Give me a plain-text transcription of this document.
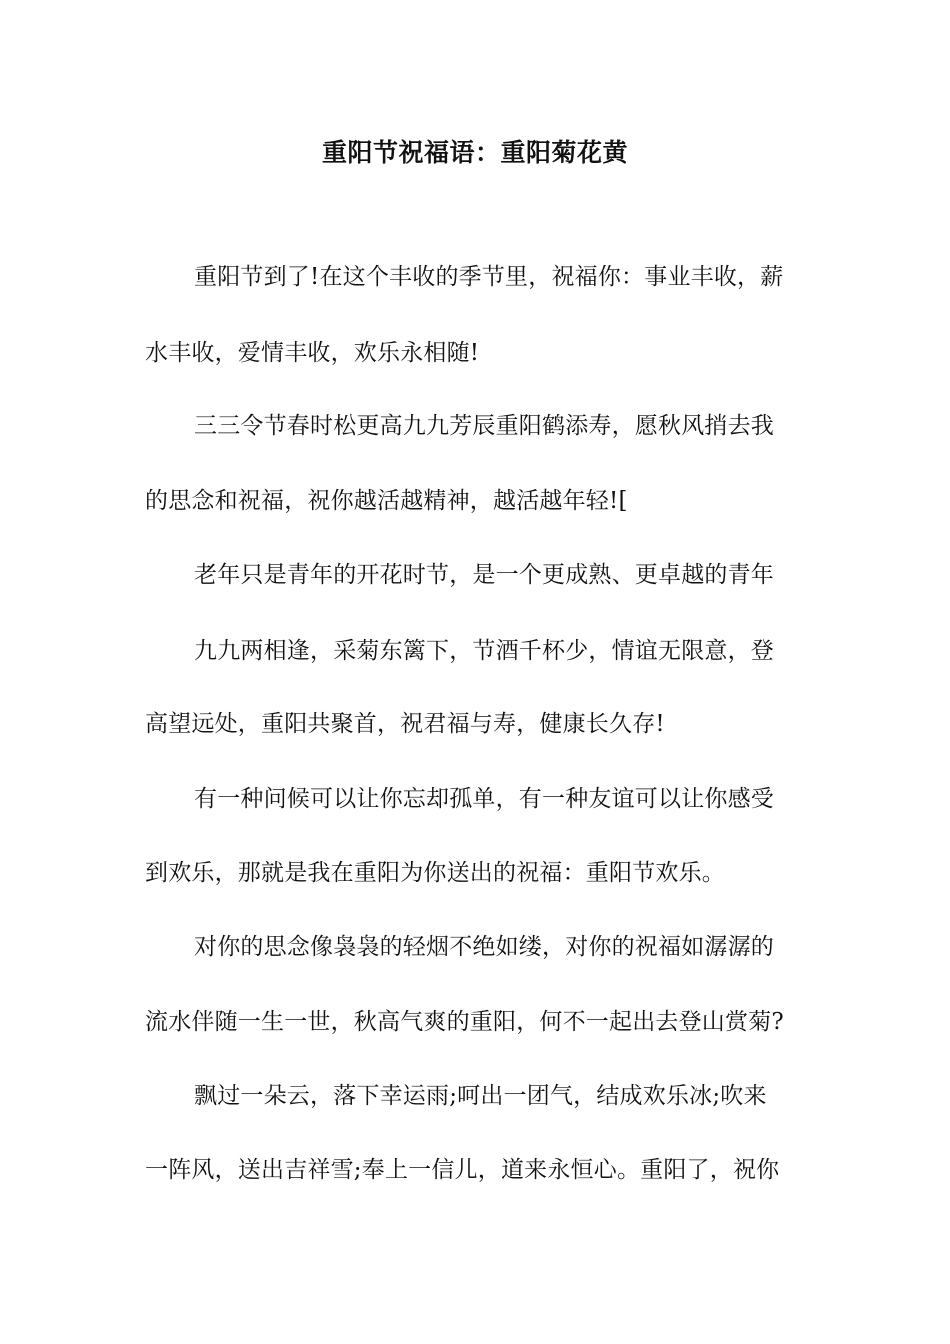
重阳节祝福语：重阳菊花黄

重阳节到了!在这个丰收的季节里，祝福你：事业丰收，薪

水丰收，爱情丰收，欢乐永相随!

三三令节春时松更高九九芳辰重阳鹤添寿，愿秋风捎去我

的思念和祝福，祝你越活越精神，越活越年轻![

老年只是青年的开花时节，是一个更成熟、更卓越的青年

九九两相逢，采菊东篱下，节酒千杯少，情谊无限意，登

高望远处，重阳共聚首，祝君福与寿，健康长久存!

有一种问候可以让你忘却孤单，有一种友谊可以让你感受

到欢乐，那就是我在重阳为你送出的祝福：重阳节欢乐。

对你的思念像袅袅的轻烟不绝如缕，对你的祝福如潺潺的

流水伴随一生一世，秋高气爽的重阳，何不一起出去登山赏菊?

飘过一朵云，落下幸运雨;呵出一团气，结成欢乐冰;吹来

一阵风，送出吉祥雪;奉上一信儿，道来永恒心。重阳了，祝你
